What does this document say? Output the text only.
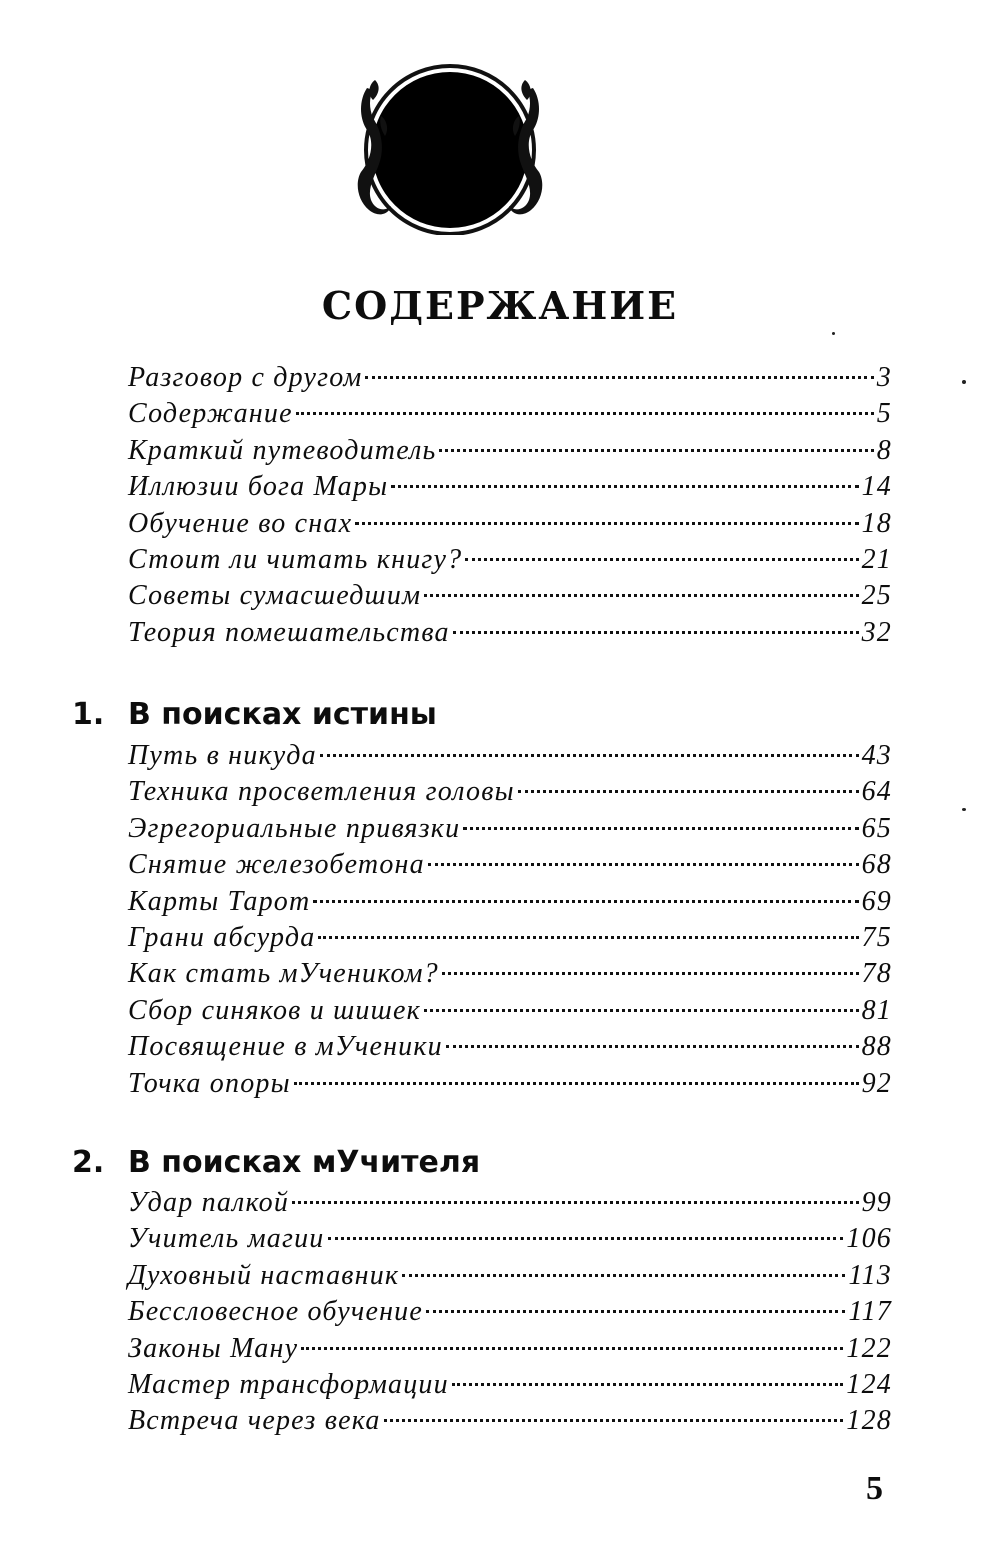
СОДЕРЖАНИЕ
Разговор с другом	3
Содержание	5
Краткий путеводитель	8
Иллюзии бога Мары	14
Обучение во снах	18
Стоит ли читать книгу?	21
Советы сумасшедшим	25
Теория помешательства	32
1. В поисках истины
Путь в никуда	43
Техника просветления головы	64
Эгрегориальные привязки	65
Снятие железобетона	68
Карты Тарот	69
Грани абсурда	75
Как стать мУчеником?	78
Сбор синяков и шишек	81
Посвящение в мУченики	88
Точка опоры	92
2. В поисках мУчителя
Удар палкой	99
Учитель магии	106
Духовный наставник	113
Бессловесное обучение	117
Законы Ману	122
Мастер трансформации	124
Встреча через века	128
5
